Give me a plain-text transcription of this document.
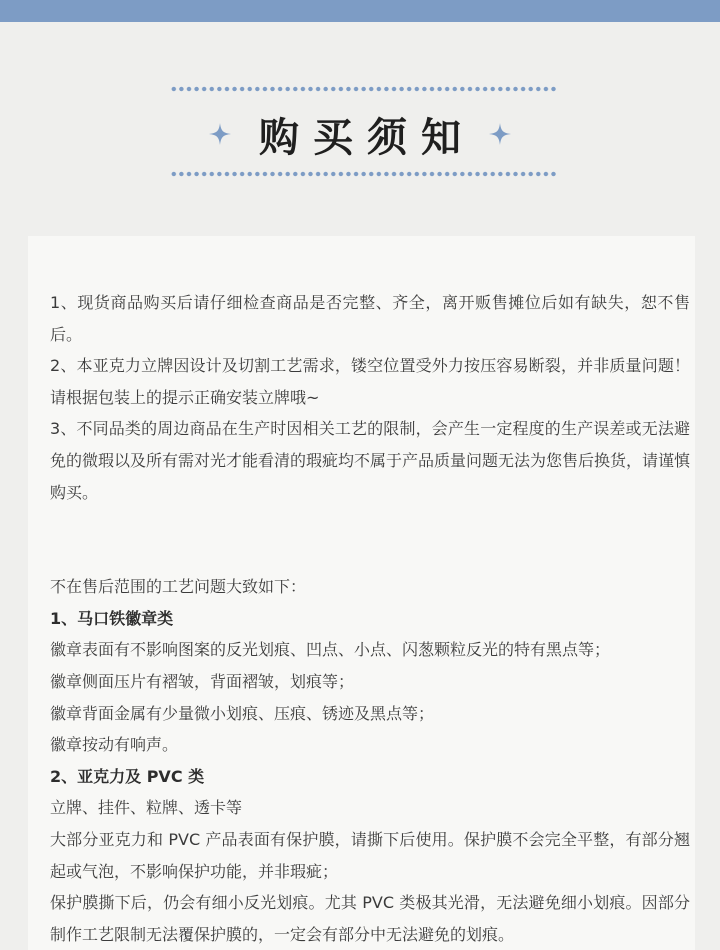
购买须知

1、现货商品购买后请仔细检查商品是否完整、齐全，离开贩售摊位后如有缺失，恕不售后。

2、本亚克力立牌因设计及切割工艺需求，镂空位置受外力按压容易断裂，并非质量问题！请根据包装上的提示正确安装立牌哦~

3、不同品类的周边商品在生产时因相关工艺的限制，会产生一定程度的生产误差或无法避免的微瑕以及所有需对光才能看清的瑕疵均不属于产品质量问题无法为您售后换货，请谨慎购买。

不在售后范围的工艺问题大致如下：

1、马口铁徽章类

徽章表面有不影响图案的反光划痕、凹点、小点、闪葱颗粒反光的特有黑点等；

徽章侧面压片有褶皱，背面褶皱，划痕等；

徽章背面金属有少量微小划痕、压痕、锈迹及黑点等；

徽章按动有响声。

2、亚克力及 PVC 类

立牌、挂件、粒牌、透卡等

大部分亚克力和 PVC 产品表面有保护膜，请撕下后使用。保护膜不会完全平整，有部分翘起或气泡，不影响保护功能，并非瑕疵；

保护膜撕下后，仍会有细小反光划痕。尤其 PVC 类极其光滑，无法避免细小划痕。因部分制作工艺限制无法覆保护膜的，一定会有部分中无法避免的划痕。
